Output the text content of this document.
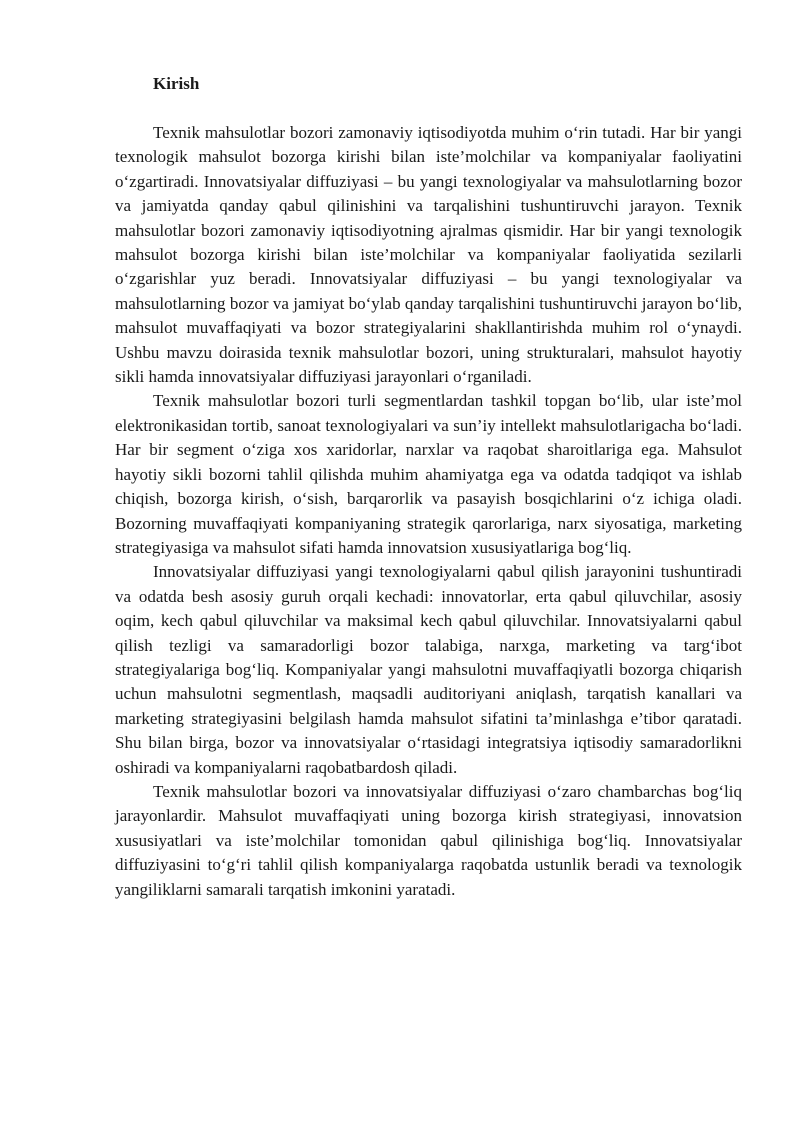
Kirish

Texnik mahsulotlar bozori zamonaviy iqtisodiyotda muhim o‘rin tutadi. Har bir yangi texnologik mahsulot bozorga kirishi bilan iste’molchilar va kompaniyalar faoliyatini o‘zgartiradi. Innovatsiyalar diffuziyasi – bu yangi texnologiyalar va mahsulotlarning bozor va jamiyatda qanday qabul qilinishini va tarqalishini tushuntiruvchi jarayon. Texnik mahsulotlar bozori zamonaviy iqtisodiyotning ajralmas qismidir. Har bir yangi texnologik mahsulot bozorga kirishi bilan iste’molchilar va kompaniyalar faoliyatida sezilarli o‘zgarishlar yuz beradi. Innovatsiyalar diffuziyasi – bu yangi texnologiyalar va mahsulotlarning bozor va jamiyat bo‘ylab qanday tarqalishini tushuntiruvchi jarayon bo‘lib, mahsulot muvaffaqiyati va bozor strategiyalarini shakllantirishda muhim rol o‘ynaydi. Ushbu mavzu doirasida texnik mahsulotlar bozori, uning strukturalari, mahsulot hayotiy sikli hamda innovatsiyalar diffuziyasi jarayonlari o‘rganiladi.

Texnik mahsulotlar bozori turli segmentlardan tashkil topgan bo‘lib, ular iste’mol elektronikasidan tortib, sanoat texnologiyalari va sun’iy intellekt mahsulotlarigacha bo‘ladi. Har bir segment o‘ziga xos xaridorlar, narxlar va raqobat sharoitlariga ega. Mahsulot hayotiy sikli bozorni tahlil qilishda muhim ahamiyatga ega va odatda tadqiqot va ishlab chiqish, bozorga kirish, o‘sish, barqarorlik va pasayish bosqichlarini o‘z ichiga oladi. Bozorning muvaffaqiyati kompaniyaning strategik qarorlariga, narx siyosatiga, marketing strategiyasiga va mahsulot sifati hamda innovatsion xususiyatlariga bog‘liq.

Innovatsiyalar diffuziyasi yangi texnologiyalarni qabul qilish jarayonini tushuntiradi va odatda besh asosiy guruh orqali kechadi: innovatorlar, erta qabul qiluvchilar, asosiy oqim, kech qabul qiluvchilar va maksimal kech qabul qiluvchilar. Innovatsiyalarni qabul qilish tezligi va samaradorligi bozor talabiga, narxga, marketing va targ‘ibot strategiyalariga bog‘liq. Kompaniyalar yangi mahsulotni muvaffaqiyatli bozorga chiqarish uchun mahsulotni segmentlash, maqsadli auditoriyani aniqlash, tarqatish kanallari va marketing strategiyasini belgilash hamda mahsulot sifatini ta’minlashga e’tibor qaratadi. Shu bilan birga, bozor va innovatsiyalar o‘rtasidagi integratsiya iqtisodiy samaradorlikni oshiradi va kompaniyalarni raqobatbardosh qiladi.

Texnik mahsulotlar bozori va innovatsiyalar diffuziyasi o‘zaro chambarchas bog‘liq jarayonlardir. Mahsulot muvaffaqiyati uning bozorga kirish strategiyasi, innovatsion xususiyatlari va iste’molchilar tomonidan qabul qilinishiga bog‘liq. Innovatsiyalar diffuziyasini to‘g‘ri tahlil qilish kompaniyalarga raqobatda ustunlik beradi va texnologik yangiliklarni samarali tarqatish imkonini yaratadi.
